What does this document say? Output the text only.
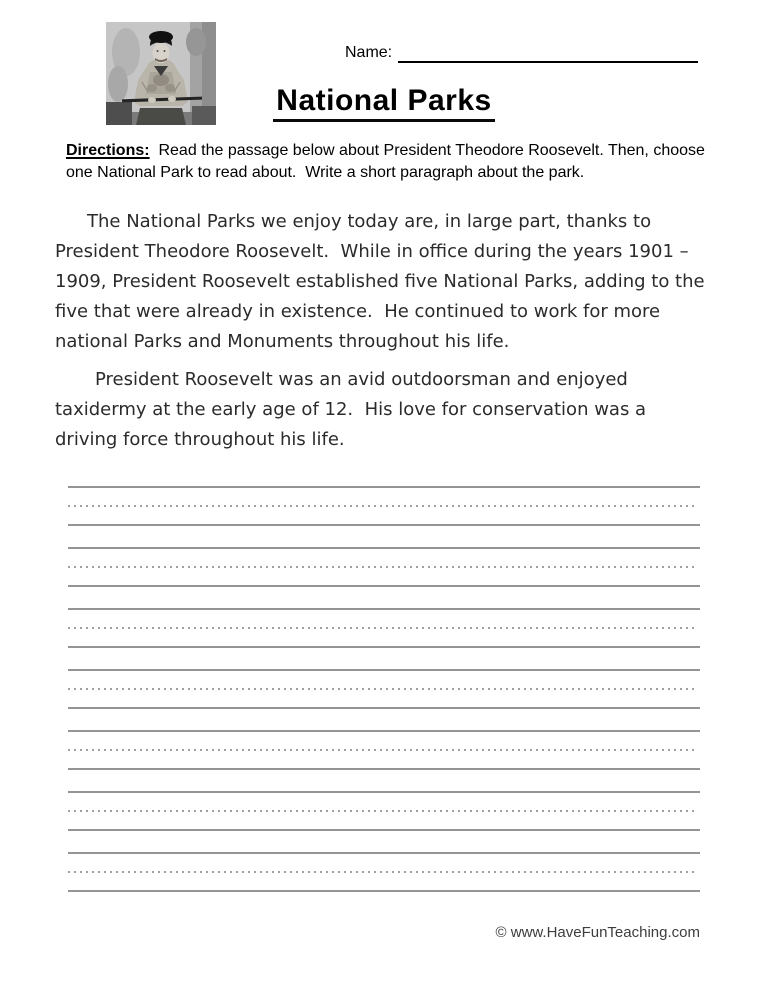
Name:
National Parks
Directions:  Read the passage below about President Theodore Roosevelt. Then, choose one National Park to read about.  Write a short paragraph about the park.

The National Parks we enjoy today are, in large part, thanks to President Theodore Roosevelt.  While in office during the years 1901 – 1909, President Roosevelt established five National Parks, adding to the five that were already in existence.  He continued to work for more national Parks and Monuments throughout his life.

President Roosevelt was an avid outdoorsman and enjoyed taxidermy at the early age of 12.  His love for conservation was a driving force throughout his life.

© www.HaveFunTeaching.com
